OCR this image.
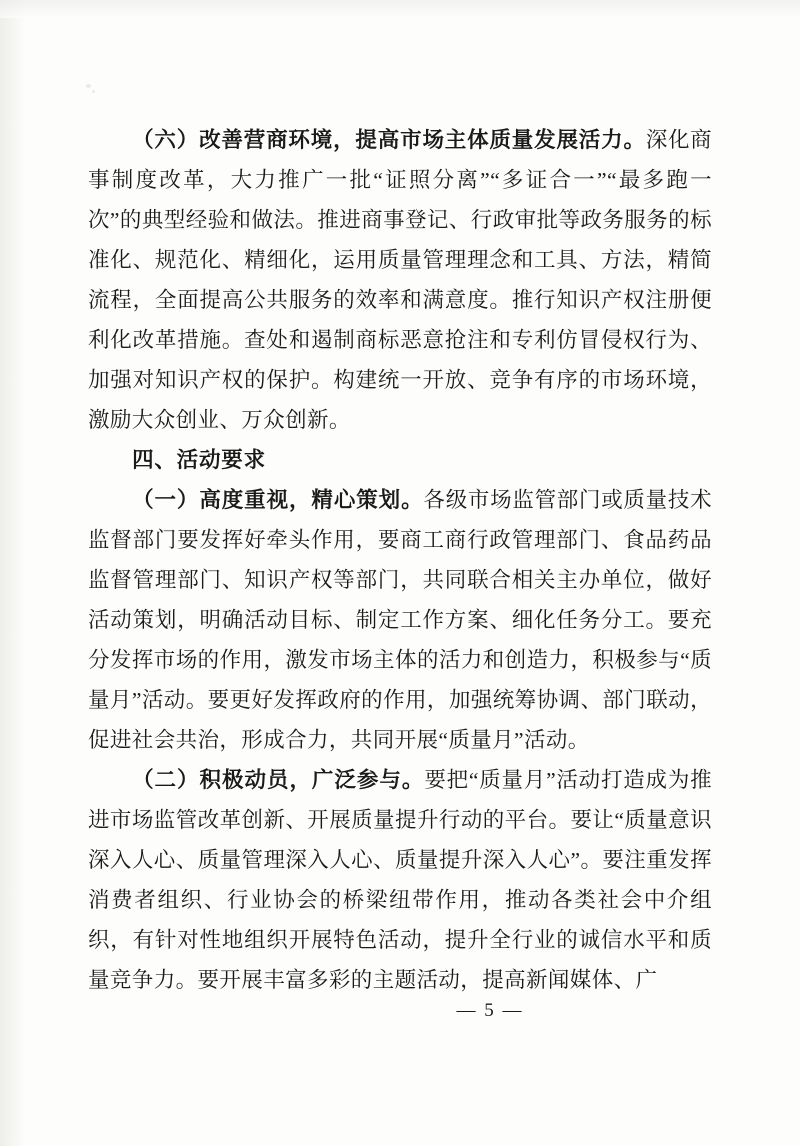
（六）改善营商环境，提高市场主体质量发展活力。深化商事制度改革，大力推广一批“证照分离”“多证合一”“最多跑一次”的典型经验和做法。推进商事登记、行政审批等政务服务的标准化、规范化、精细化，运用质量管理理念和工具、方法，精简流程，全面提高公共服务的效率和满意度。推行知识产权注册便利化改革措施。查处和遏制商标恶意抢注和专利仿冒侵权行为、加强对知识产权的保护。构建统一开放、竞争有序的市场环境，激励大众创业、万众创新。

四、活动要求

（一）高度重视，精心策划。各级市场监管部门或质量技术监督部门要发挥好牵头作用，要商工商行政管理部门、食品药品监督管理部门、知识产权等部门，共同联合相关主办单位，做好活动策划，明确活动目标、制定工作方案、细化任务分工。要充分发挥市场的作用，激发市场主体的活力和创造力，积极参与“质量月”活动。要更好发挥政府的作用，加强统筹协调、部门联动，促进社会共治，形成合力，共同开展“质量月”活动。

（二）积极动员，广泛参与。要把“质量月”活动打造成为推进市场监管改革创新、开展质量提升行动的平台。要让“质量意识深入人心、质量管理深入人心、质量提升深入人心”。要注重发挥消费者组织、行业协会的桥梁纽带作用，推动各类社会中介组织，有针对性地组织开展特色活动，提升全行业的诚信水平和质量竞争力。要开展丰富多彩的主题活动，提高新闻媒体、广

— 5 —
